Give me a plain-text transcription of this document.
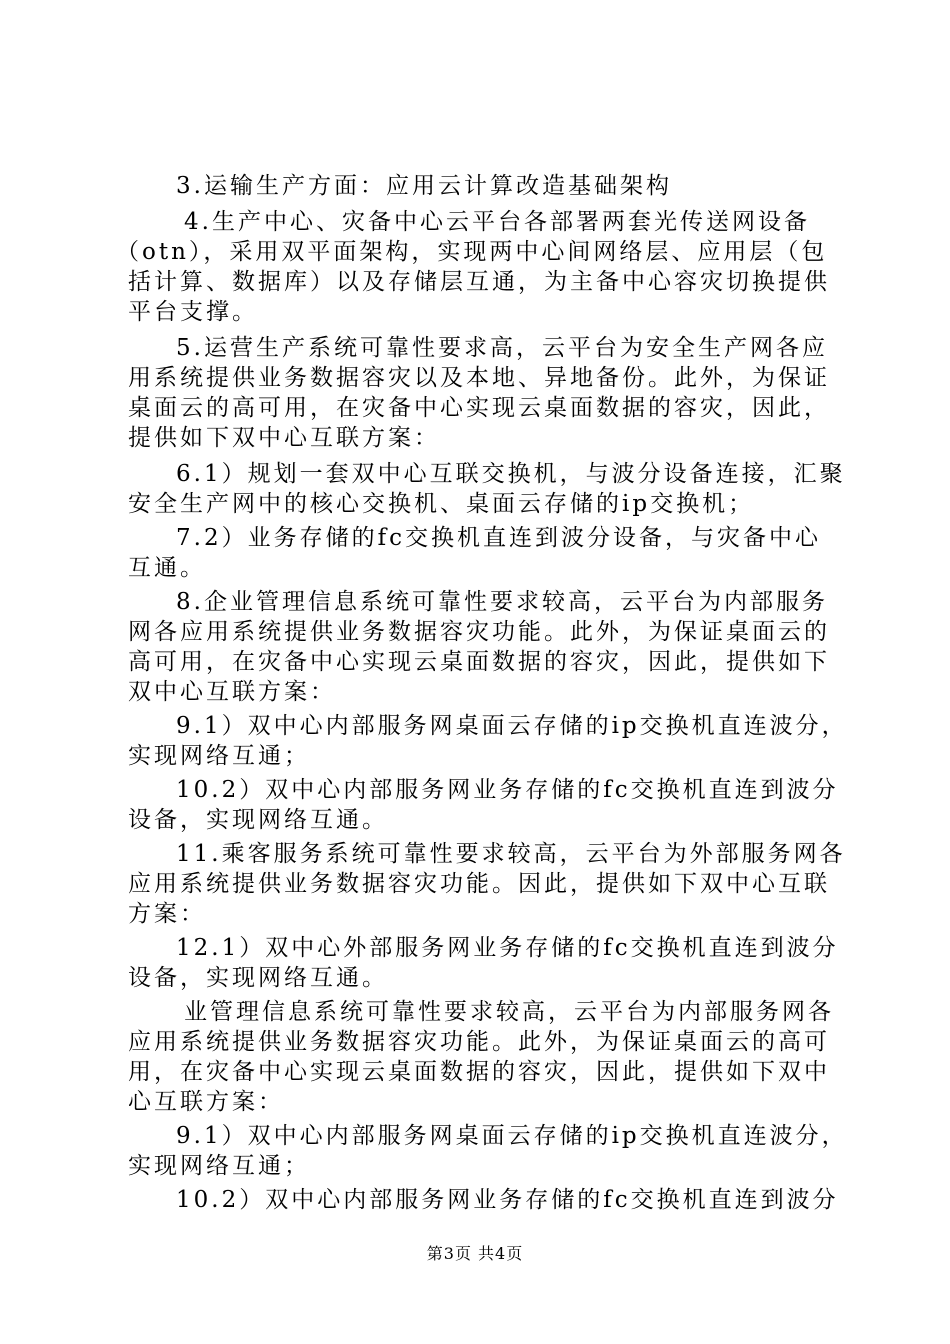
3.运输生产方面：应用云计算改造基础架构
4.生产中心、灾备中心云平台各部署两套光传送网设备
（otn），采用双平面架构，实现两中心间网络层、应用层（包
括计算、数据库）以及存储层互通，为主备中心容灾切换提供
平台支撑。
5.运营生产系统可靠性要求高，云平台为安全生产网各应
用系统提供业务数据容灾以及本地、异地备份。此外，为保证
桌面云的高可用，在灾备中心实现云桌面数据的容灾，因此，
提供如下双中心互联方案：
6.1）规划一套双中心互联交换机，与波分设备连接，汇聚
安全生产网中的核心交换机、桌面云存储的ip交换机；
7.2）业务存储的fc交换机直连到波分设备，与灾备中心
互通。
8.企业管理信息系统可靠性要求较高，云平台为内部服务
网各应用系统提供业务数据容灾功能。此外，为保证桌面云的
高可用，在灾备中心实现云桌面数据的容灾，因此，提供如下
双中心互联方案：
9.1）双中心内部服务网桌面云存储的ip交换机直连波分，
实现网络互通；
10.2）双中心内部服务网业务存储的fc交换机直连到波分
设备，实现网络互通。
11.乘客服务系统可靠性要求较高，云平台为外部服务网各
应用系统提供业务数据容灾功能。因此，提供如下双中心互联
方案：
12.1）双中心外部服务网业务存储的fc交换机直连到波分
设备，实现网络互通。
业管理信息系统可靠性要求较高，云平台为内部服务网各
应用系统提供业务数据容灾功能。此外，为保证桌面云的高可
用，在灾备中心实现云桌面数据的容灾，因此，提供如下双中
心互联方案：
9.1）双中心内部服务网桌面云存储的ip交换机直连波分，
实现网络互通；
10.2）双中心内部服务网业务存储的fc交换机直连到波分
第3页 共4页
